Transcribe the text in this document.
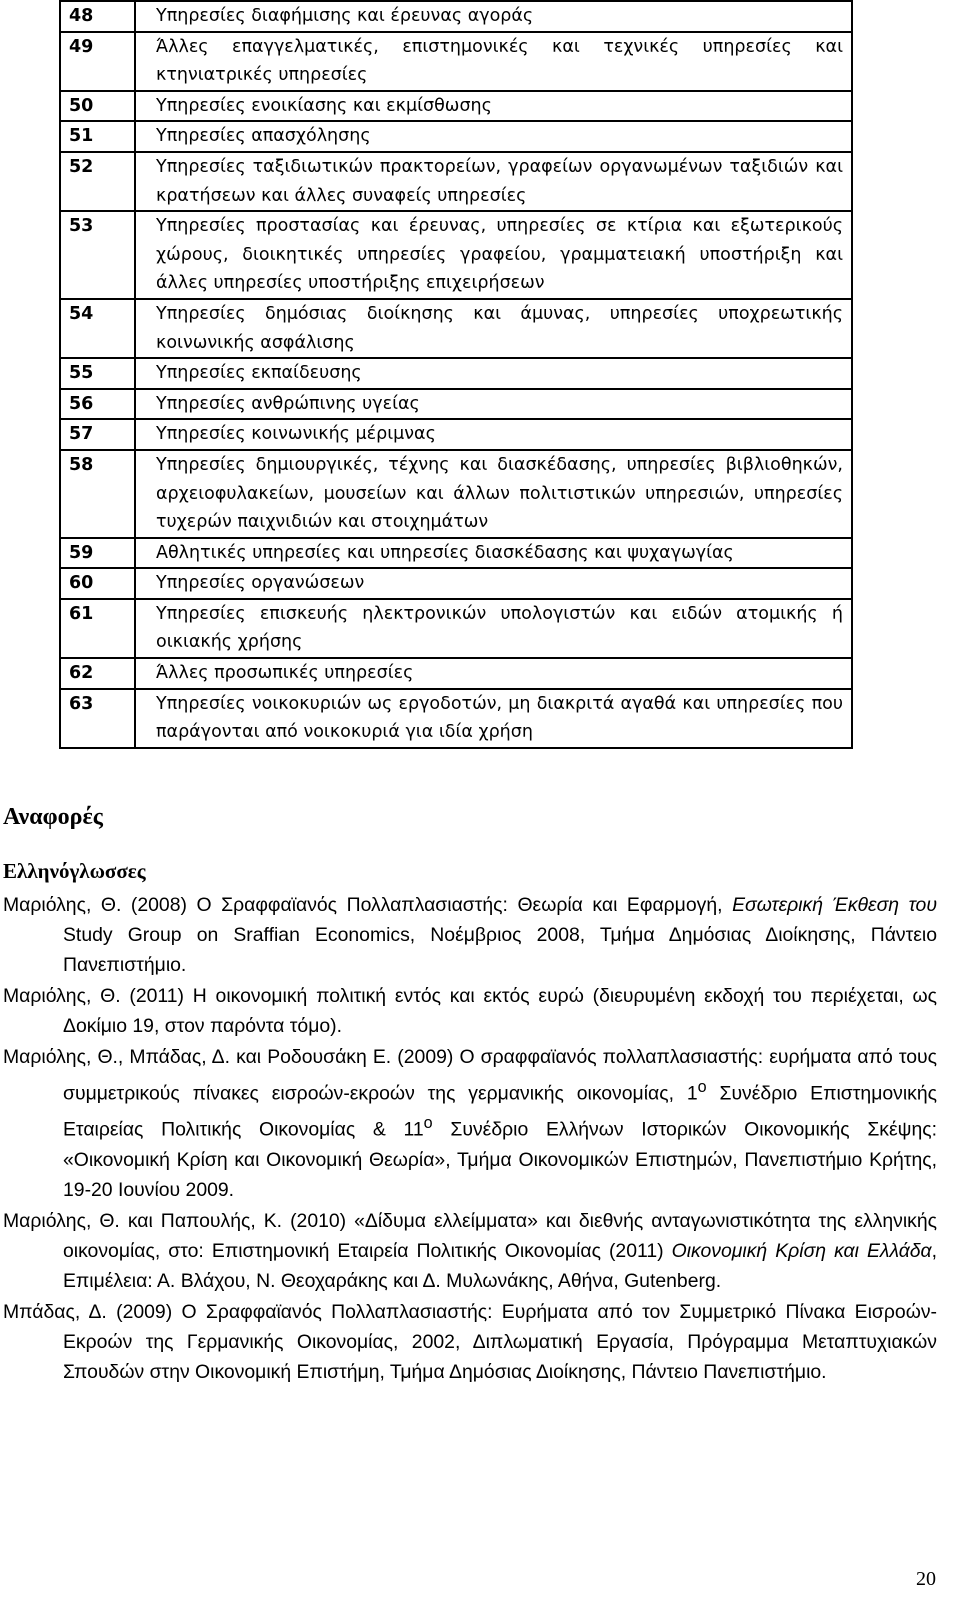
48	Υπηρεσίες διαφήμισης και έρευνας αγοράς
49	Άλλες επαγγελματικές, επιστημονικές και τεχνικές υπηρεσίες και κτηνιατρικές υπηρεσίες
50	Υπηρεσίες ενοικίασης και εκμίσθωσης
51	Υπηρεσίες απασχόλησης
52	Υπηρεσίες ταξιδιωτικών πρακτορείων, γραφείων οργανωμένων ταξιδιών και κρατήσεων και άλλες συναφείς υπηρεσίες
53	Υπηρεσίες προστασίας και έρευνας, υπηρεσίες σε κτίρια και εξωτερικούς χώρους, διοικητικές υπηρεσίες γραφείου, γραμματειακή υποστήριξη και άλλες υπηρεσίες υποστήριξης επιχειρήσεων
54	Υπηρεσίες δημόσιας διοίκησης και άμυνας, υπηρεσίες υποχρεωτικής κοινωνικής ασφάλισης
55	Υπηρεσίες εκπαίδευσης
56	Υπηρεσίες ανθρώπινης υγείας
57	Υπηρεσίες κοινωνικής μέριμνας
58	Υπηρεσίες δημιουργικές, τέχνης και διασκέδασης, υπηρεσίες βιβλιοθηκών, αρχειοφυλακείων, μουσείων και άλλων πολιτιστικών υπηρεσιών, υπηρεσίες τυχερών παιχνιδιών και στοιχημάτων
59	Αθλητικές υπηρεσίες και υπηρεσίες διασκέδασης και ψυχαγωγίας
60	Υπηρεσίες οργανώσεων
61	Υπηρεσίες επισκευής ηλεκτρονικών υπολογιστών και ειδών ατομικής ή οικιακής χρήσης
62	Άλλες προσωπικές υπηρεσίες
63	Υπηρεσίες νοικοκυριών ως εργοδοτών, μη διακριτά αγαθά και υπηρεσίες που παράγονται από νοικοκυριά για ιδία χρήση
Αναφορές
Ελληνόγλωσσες

Μαριόλης, Θ. (2008) Ο Σραφφαϊανός Πολλαπλασιαστής: Θεωρία και Εφαρμογή, Εσωτερική Έκθεση του Study Group on Sraffian Economics, Νοέμβριος 2008, Τμήμα Δημόσιας Διοίκησης, Πάντειο Πανεπιστήμιο.

Μαριόλης, Θ. (2011) Η οικονομική πολιτική εντός και εκτός ευρώ (διευρυμένη εκδοχή του περιέχεται, ως Δοκίμιο 19, στον παρόντα τόμο).

Μαριόλης, Θ., Μπάδας, Δ. και Ροδουσάκη Ε. (2009) Ο σραφφαϊανός πολλαπλασιαστής: ευρήματα από τους συμμετρικούς πίνακες εισροών-εκροών της γερμανικής οικονομίας, $1^o$ Συνέδριο Επιστημονικής Εταιρείας Πολιτικής Οικονομίας & $11^o$ Συνέδριο Ελλήνων Ιστορικών Οικονομικής Σκέψης: «Οικονομική Κρίση και Οικονομική Θεωρία», Τμήμα Οικονομικών Επιστημών, Πανεπιστήμιο Κρήτης, 19-20 Ιουνίου 2009.

Μαριόλης, Θ. και Παπουλής, Κ. (2010) «Δίδυμα ελλείμματα» και διεθνής ανταγωνιστικότητα της ελληνικής οικονομίας, στο: Επιστημονική Εταιρεία Πολιτικής Οικονομίας (2011) Οικονομική Κρίση και Ελλάδα, Επιμέλεια: Α. Βλάχου, Ν. Θεοχαράκης και Δ. Μυλωνάκης, Αθήνα, Gutenberg.

Μπάδας, Δ. (2009) Ο Σραφφαϊανός Πολλαπλασιαστής: Ευρήματα από τον Συμμετρικό Πίνακα Εισροών-Εκροών της Γερμανικής Οικονομίας, 2002, Διπλωματική Εργασία, Πρόγραμμα Μεταπτυχιακών Σπουδών στην Οικονομική Επιστήμη, Τμήμα Δημόσιας Διοίκησης, Πάντειο Πανεπιστήμιο.

20
